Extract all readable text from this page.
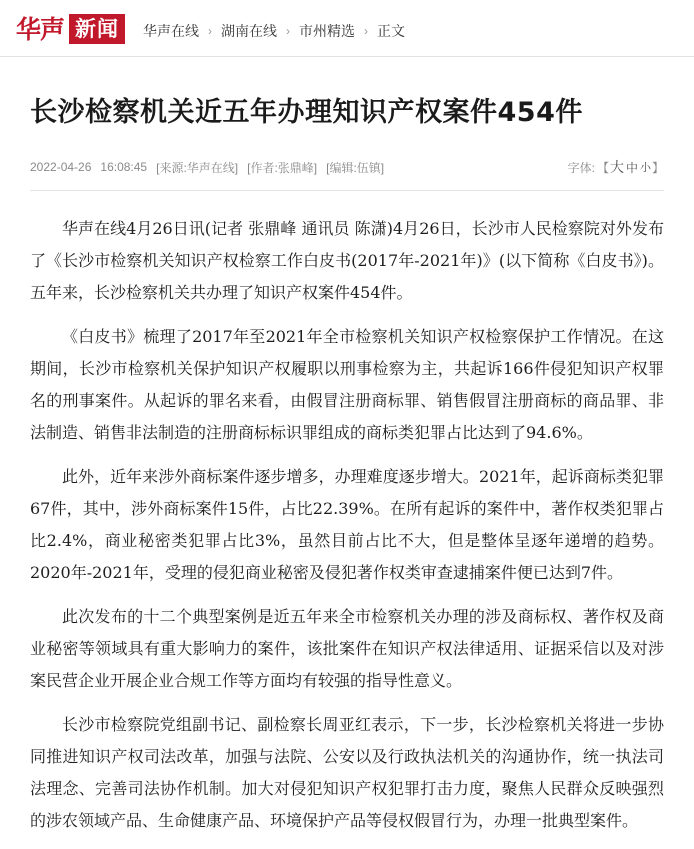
华声 新闻	华声在线 › 湖南在线 › 市州精选 › 正文
长沙检察机关近五年办理知识产权案件454件
2022-04-26 16:08:45 [来源:华声在线] [作者:张鼎峰] [编辑:伍镇]	字体: 【 大 中 小 】

华声在线4月26日讯(记者 张鼎峰 通讯员 陈潇)4月26日，长沙市人民检察院对外发布了《长沙市检察机关知识产权检察工作白皮书(2017年-2021年)》(以下简称《白皮书》)。五年来，长沙检察机关共办理了知识产权案件454件。

《白皮书》梳理了2017年至2021年全市检察机关知识产权检察保护工作情况。在这期间，长沙市检察机关保护知识产权履职以刑事检察为主，共起诉166件侵犯知识产权罪名的刑事案件。从起诉的罪名来看，由假冒注册商标罪、销售假冒注册商标的商品罪、非法制造、销售非法制造的注册商标标识罪组成的商标类犯罪占比达到了94.6%。

此外，近年来涉外商标案件逐步增多，办理难度逐步增大。2021年，起诉商标类犯罪67件，其中，涉外商标案件15件，占比22.39%。在所有起诉的案件中，著作权类犯罪占比2.4%，商业秘密类犯罪占比3%，虽然目前占比不大，但是整体呈逐年递增的趋势。2020年-2021年，受理的侵犯商业秘密及侵犯著作权类审查逮捕案件便已达到7件。

此次发布的十二个典型案例是近五年来全市检察机关办理的涉及商标权、著作权及商业秘密等领域具有重大影响力的案件，该批案件在知识产权法律适用、证据采信以及对涉案民营企业开展企业合规工作等方面均有较强的指导性意义。

长沙市检察院党组副书记、副检察长周亚红表示，下一步，长沙检察机关将进一步协同推进知识产权司法改革，加强与法院、公安以及行政执法机关的沟通协作，统一执法司法理念、完善司法协作机制。加大对侵犯知识产权犯罪打击力度，聚焦人民群众反映强烈的涉农领域产品、生命健康产品、环境保护产品等侵权假冒行为，办理一批典型案件。
